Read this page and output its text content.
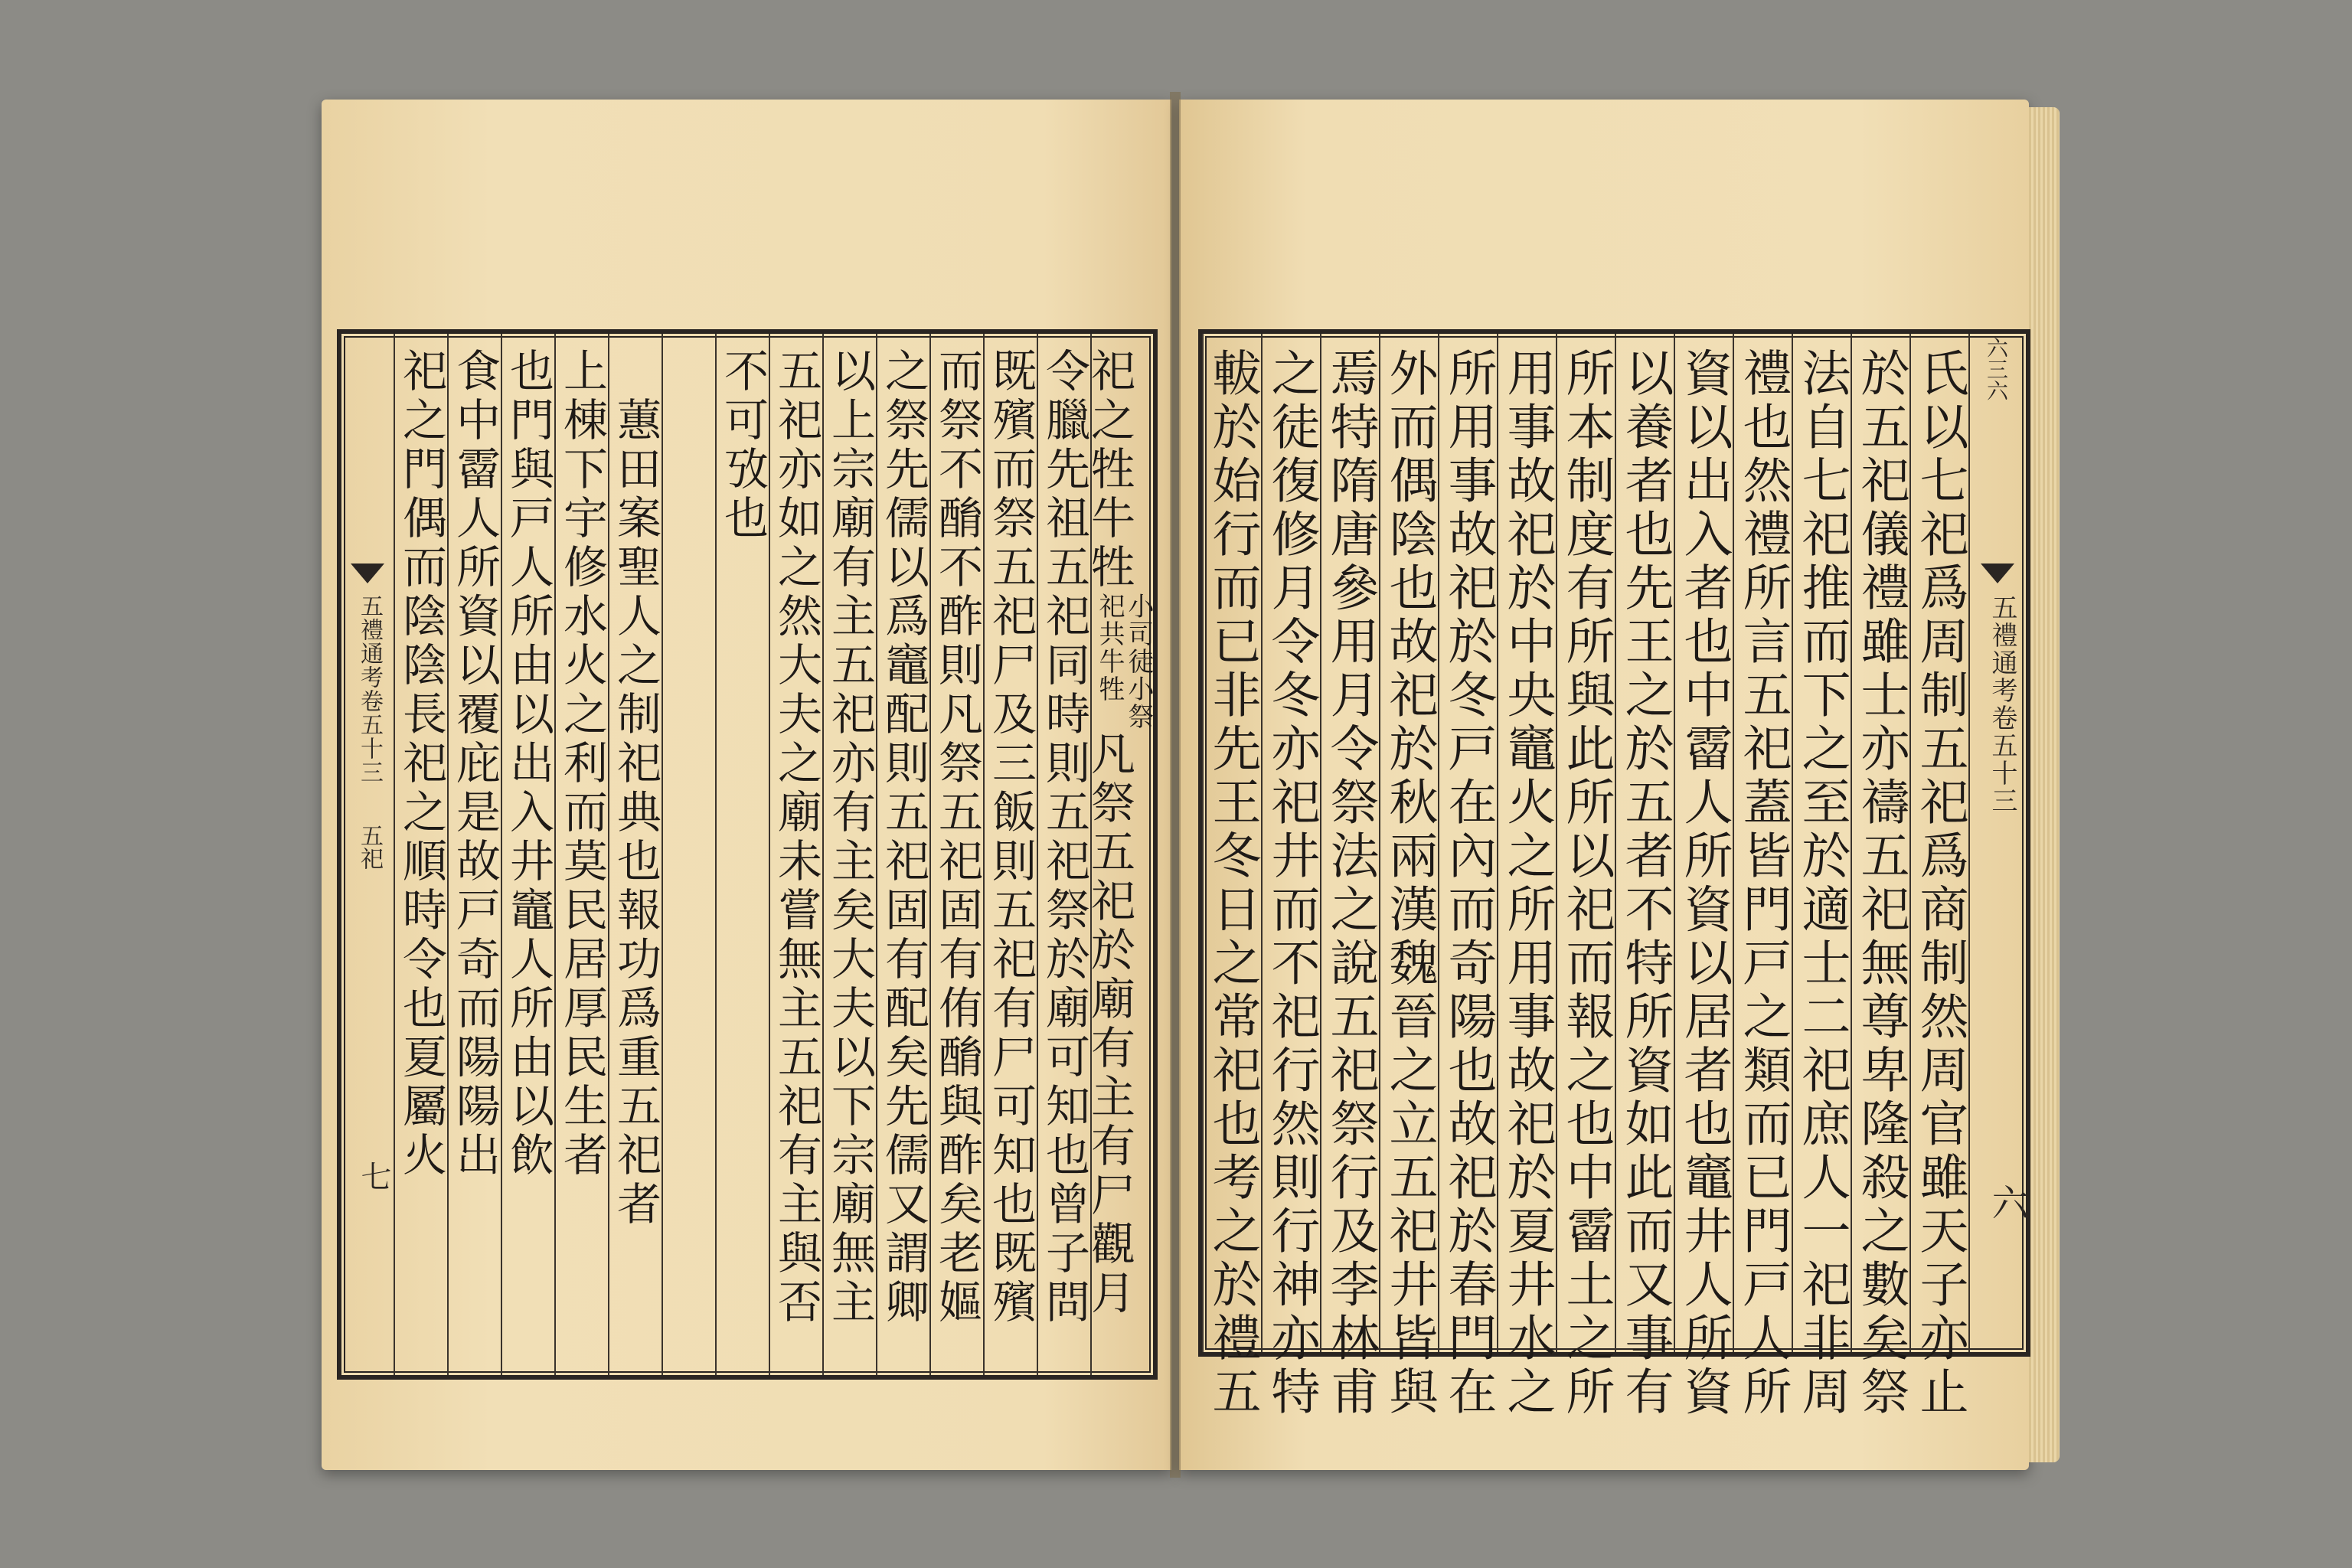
六三六
五禮通考卷五十三
六
氏以七祀爲周制五祀爲商制然周官雖天子亦止
於五祀儀禮雖士亦禱五祀無尊卑隆殺之數矣祭
法自七祀推而下之至於適士二祀庶人一祀非周
禮也然禮所言五祀蓋皆門戸之類而已門戸人所
資以出入者也中霤人所資以居者也竈井人所資
以養者也先王之於五者不特所資如此而又事有
所本制度有所與此所以祀而報之也中霤土之所
用事故祀於中央竈火之所用事故祀於夏井水之
所用事故祀於冬戸在內而奇陽也故祀於春門在
外而偶陰也故祀於秋兩漢魏晉之立五祀井皆與
焉特隋唐參用月令祭法之說五祀祭行及李林甫
之徒復修月令冬亦祀井而不祀行然則行神亦特
軷於始行而已非先王冬日之常祀也考之於禮五
五禮通考卷五十三
五祀
七
祀之牲牛牲小司徒小祭祀共牛牲凡祭五祀於廟有主有尸觀月
令臘先祖五祀同時則五祀祭於廟可知也曾子問
既殯而祭五祀尸及三飯則五祀有尸可知也既殯
而祭不酳不酢則凡祭五祀固有侑酳與酢矣老嫗
之祭先儒以爲竈配則五祀固有配矣先儒又謂卿
以上宗廟有主五祀亦有主矣大夫以下宗廟無主
五祀亦如之然大夫之廟未嘗無主五祀有主與否
不可攷也
　蕙田案聖人之制祀典也報功爲重五祀者
上棟下宇修水火之利而莫民居厚民生者
也門與戸人所由以出入井竈人所由以飲
食中霤人所資以覆庇是故戸奇而陽陽出
祀之門偶而陰陰長祀之順時令也夏屬火
